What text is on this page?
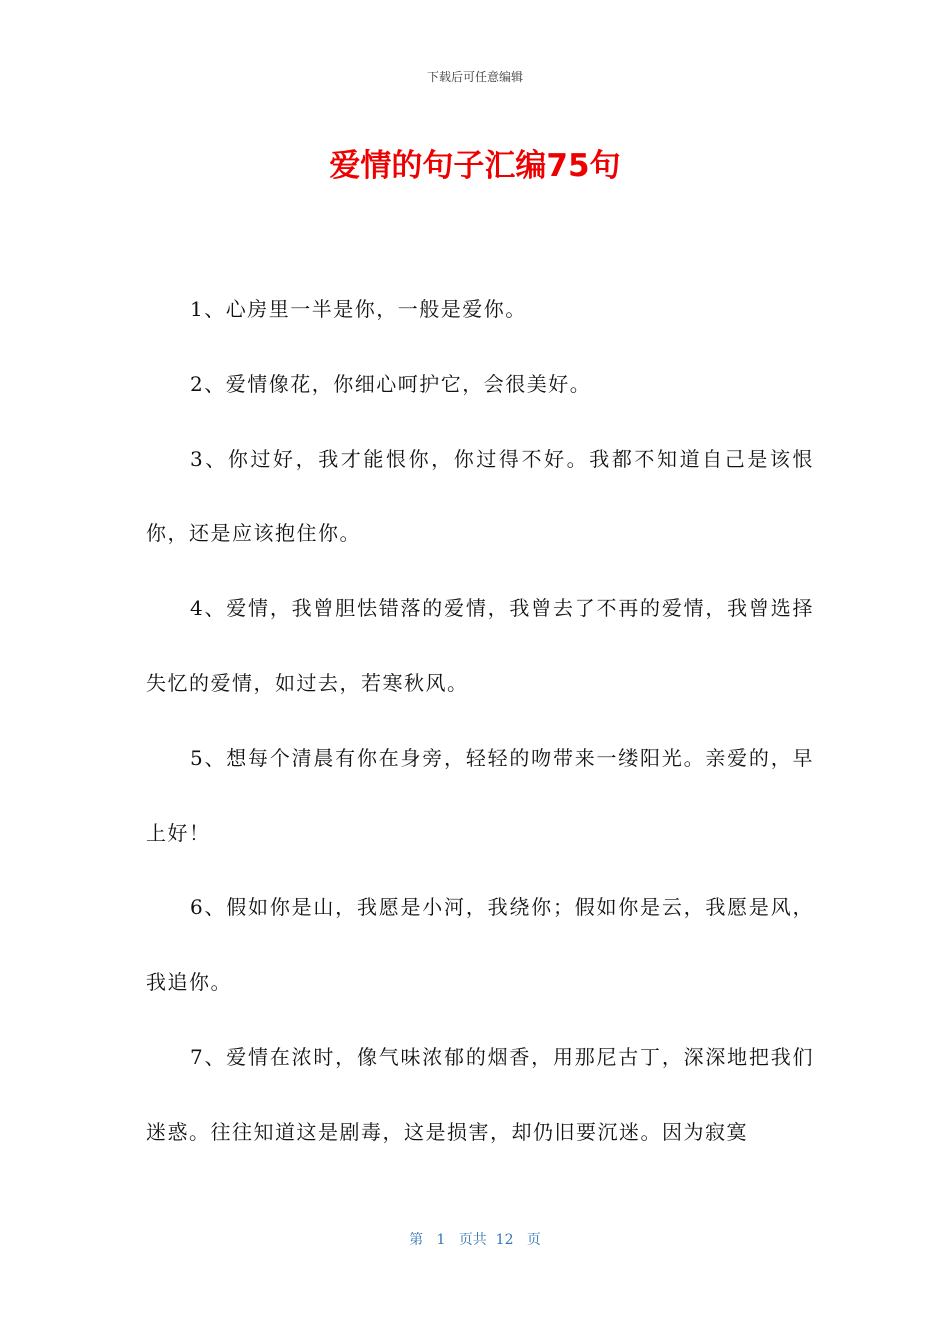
下载后可任意编辑
爱情的句子汇编75句

1、心房里一半是你，一般是爱你。

2、爱情像花，你细心呵护它，会很美好。

3、你过好，我才能恨你，你过得不好。我都不知道自己是该恨你，还是应该抱住你。

4、爱情，我曾胆怯错落的爱情，我曾去了不再的爱情，我曾选择失忆的爱情，如过去，若寒秋风。

5、想每个清晨有你在身旁，轻轻的吻带来一缕阳光。亲爱的，早上好！

6、假如你是山，我愿是小河，我绕你；假如你是云，我愿是风，我追你。

7、爱情在浓时，像气味浓郁的烟香，用那尼古丁，深深地把我们迷惑。往往知道这是剧毒，这是损害，却仍旧要沉迷。因为寂寞

第 1 页共 12 页
